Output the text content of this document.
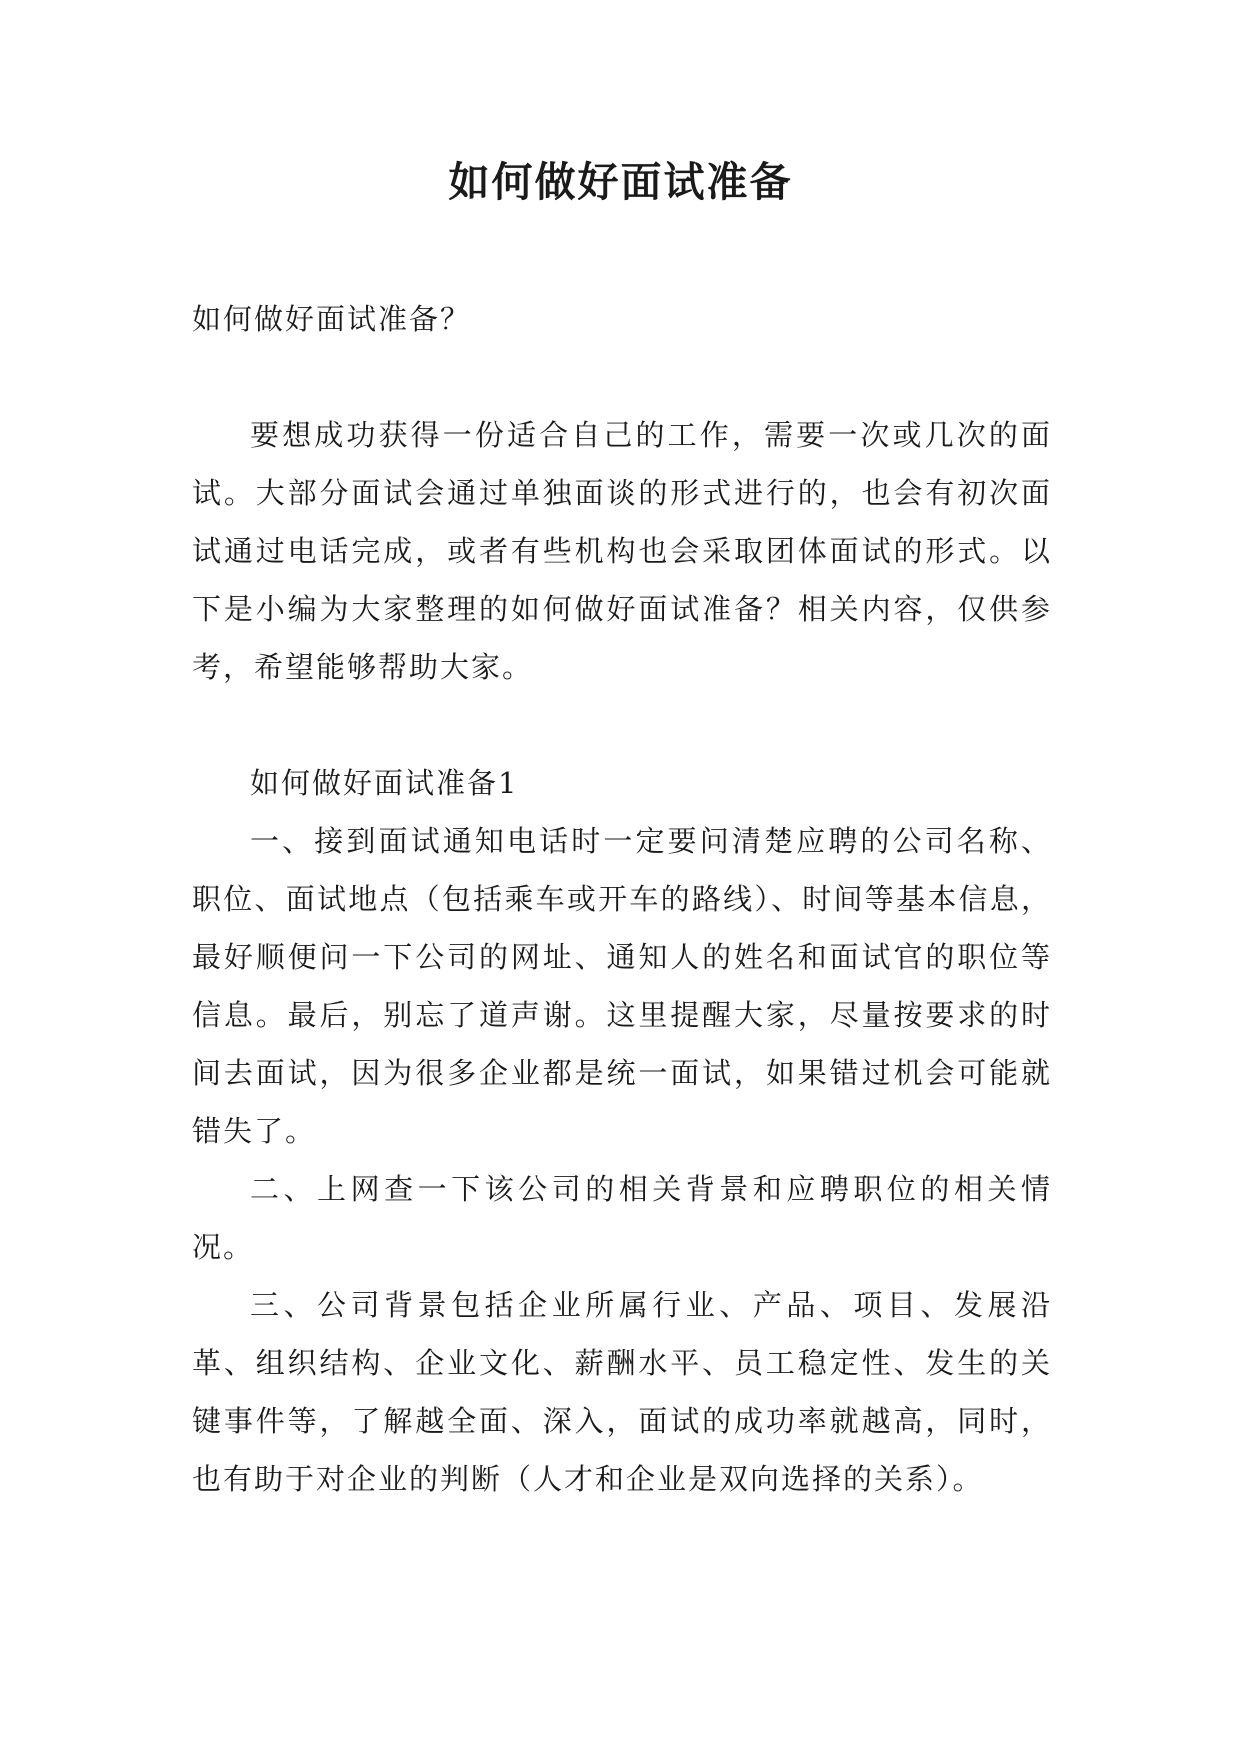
如何做好面试准备

如何做好面试准备？

要想成功获得一份适合自己的工作，需要一次或几次的面试。大部分面试会通过单独面谈的形式进行的，也会有初次面试通过电话完成，或者有些机构也会采取团体面试的形式。以下是小编为大家整理的如何做好面试准备？相关内容，仅供参考，希望能够帮助大家。

如何做好面试准备1

一、接到面试通知电话时一定要问清楚应聘的公司名称、职位、面试地点（包括乘车或开车的路线）、时间等基本信息，最好顺便问一下公司的网址、通知人的姓名和面试官的职位等信息。最后，别忘了道声谢。这里提醒大家，尽量按要求的时间去面试，因为很多企业都是统一面试，如果错过机会可能就错失了。

二、上网查一下该公司的相关背景和应聘职位的相关情况。

三、公司背景包括企业所属行业、产品、项目、发展沿革、组织结构、企业文化、薪酬水平、员工稳定性、发生的关键事件等，了解越全面、深入，面试的成功率就越高，同时，也有助于对企业的判断（人才和企业是双向选择的关系）。
